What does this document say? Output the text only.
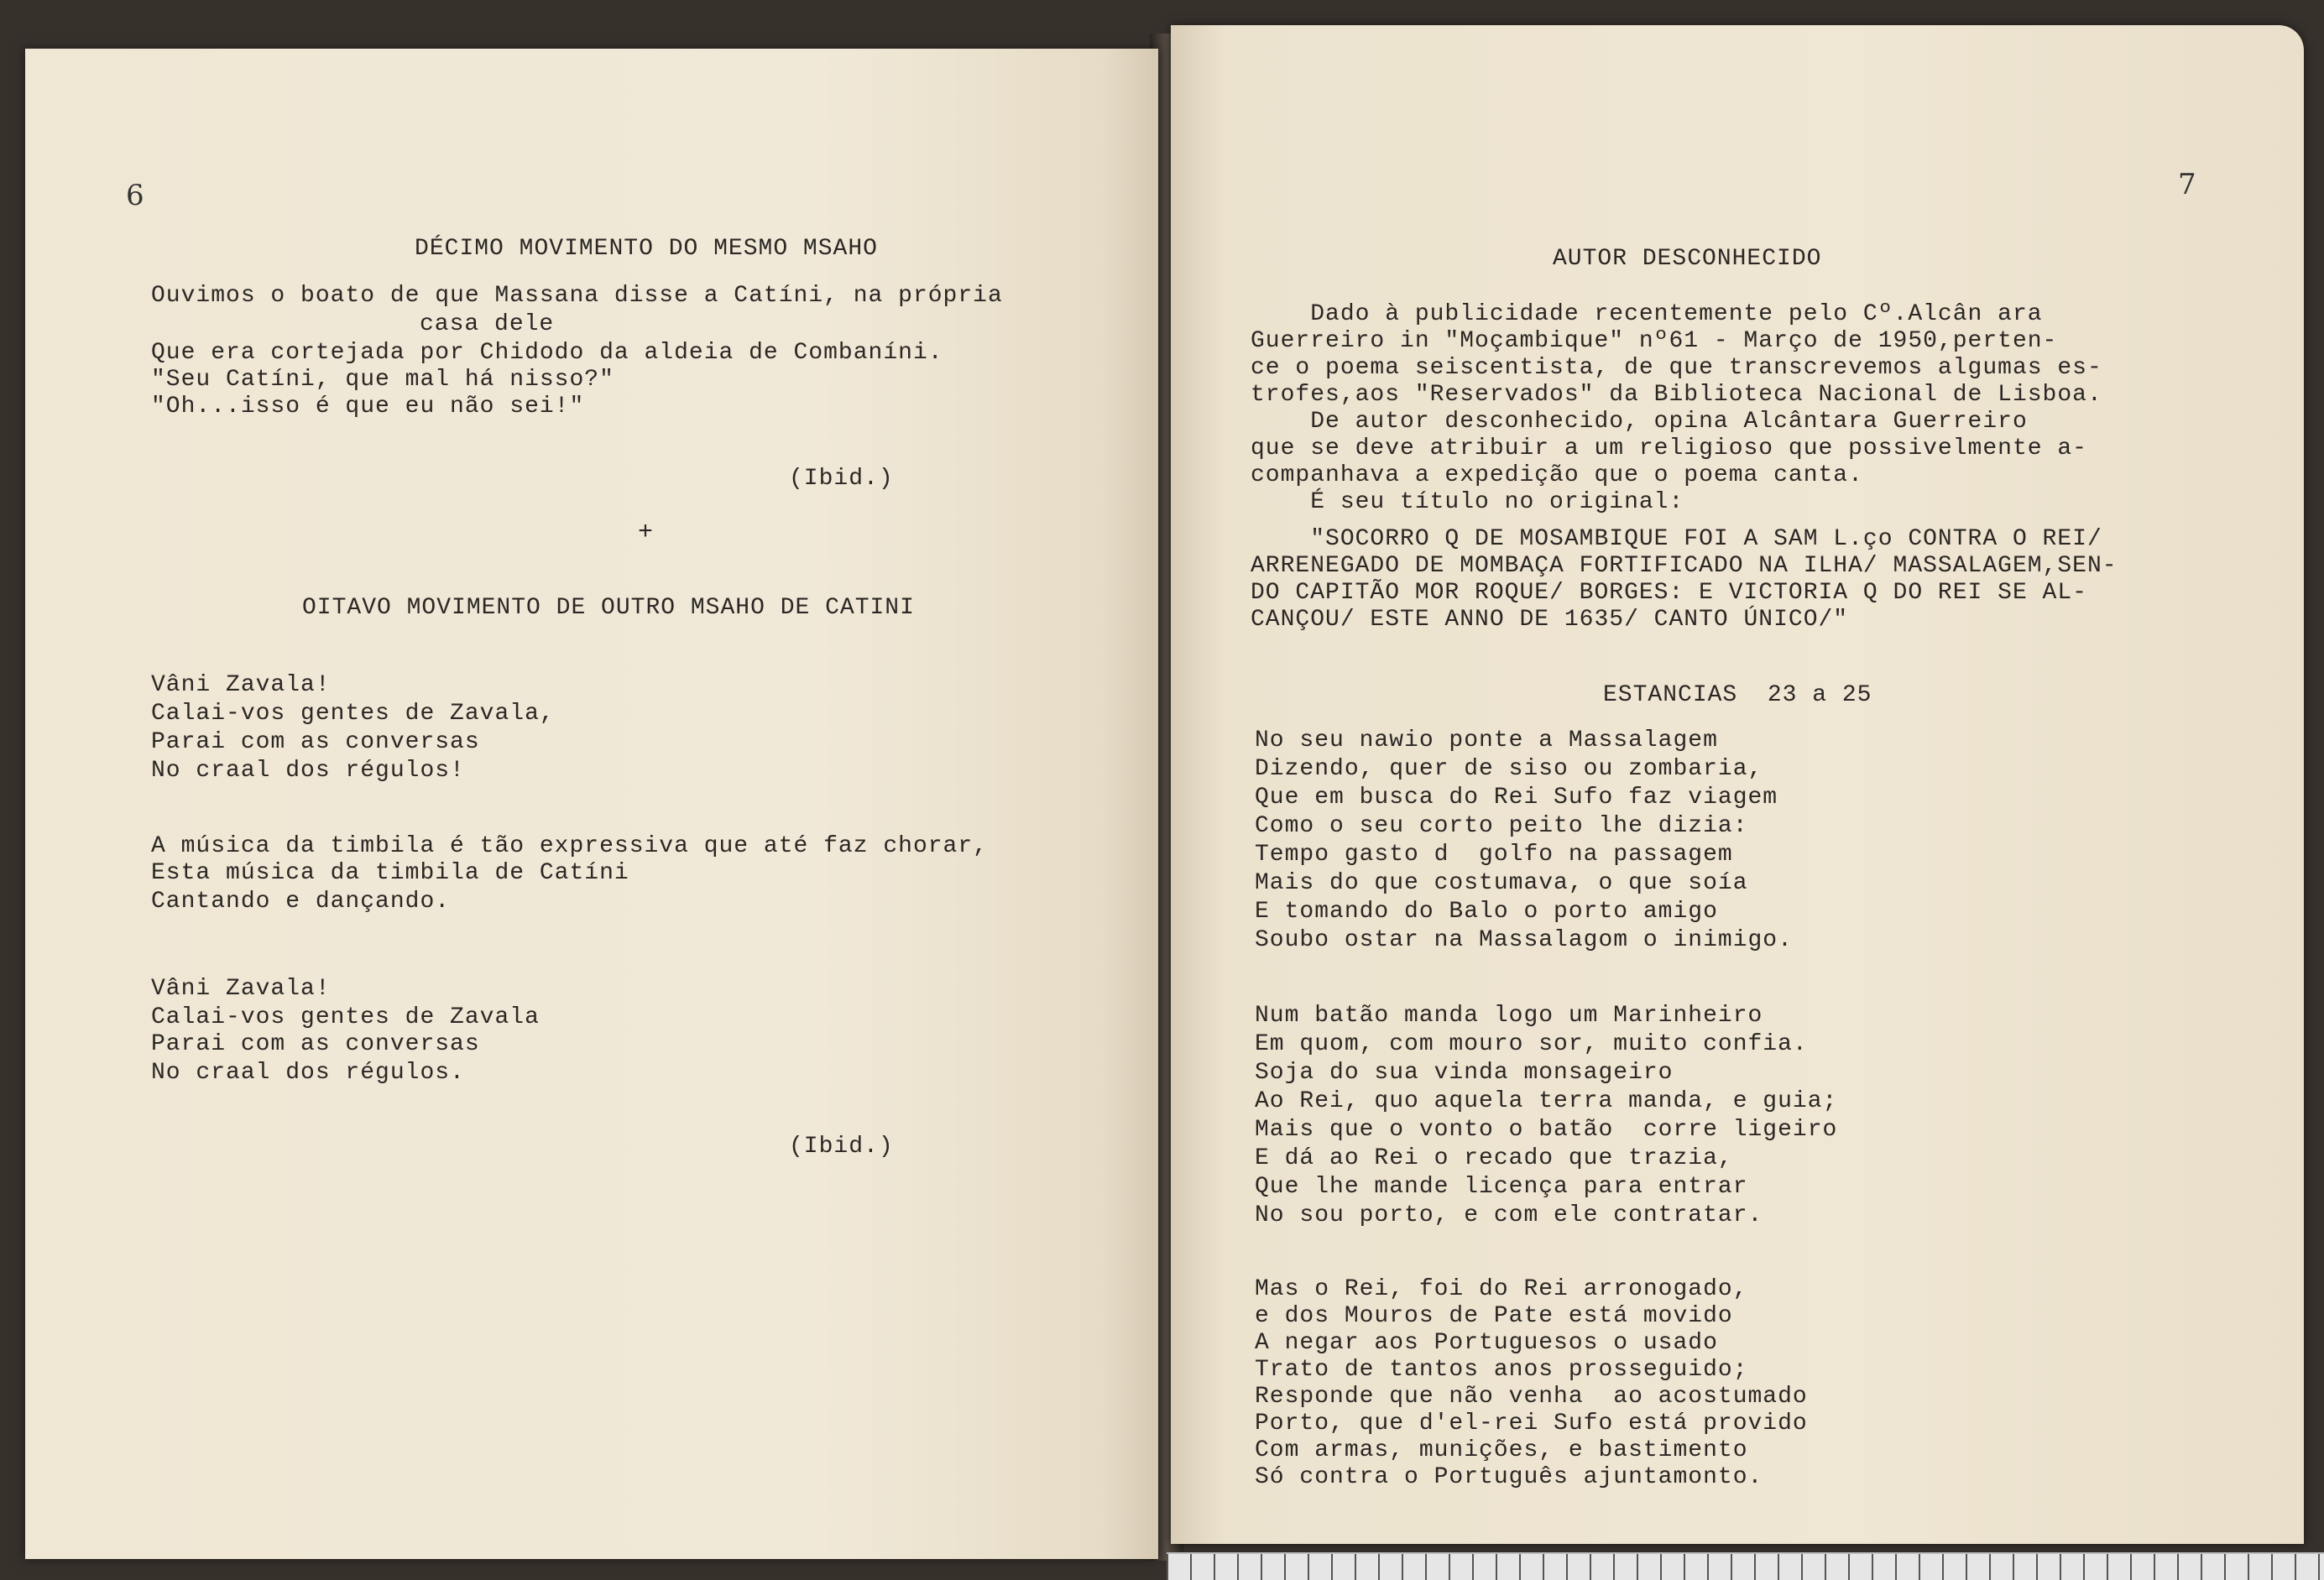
6
DÉCIMO MOVIMENTO DO MESMO MSAHO
Ouvimos o boato de que Massana disse a Catíni, na própria
casa dele
Que era cortejada por Chidodo da aldeia de Combaníni.
"Seu Catíni, que mal há nisso?"
"Oh...isso é que eu não sei!"
(Ibid.)
+
OITAVO MOVIMENTO DE OUTRO MSAHO DE CATINI
Vâni Zavala!
Calai-vos gentes de Zavala,
Parai com as conversas
No craal dos régulos!
A música da timbila é tão expressiva que até faz chorar,
Esta música da timbila de Catíni
Cantando e dançando.
Vâni Zavala!
Calai-vos gentes de Zavala
Parai com as conversas
No craal dos régulos.
(Ibid.)
7
AUTOR DESCONHECIDO
Dado à publicidade recentemente pelo Cº.Alcân ara
Guerreiro in "Moçambique" nº61 - Março de 1950,perten-
ce o poema seiscentista, de que transcrevemos algumas es-
trofes,aos "Reservados" da Biblioteca Nacional de Lisboa.
De autor desconhecido, opina Alcântara Guerreiro
que se deve atribuir a um religioso que possivelmente a-
companhava a expedição que o poema canta.
É seu título no original:
"SOCORRO Q DE MOSAMBIQUE FOI A SAM L.ço CONTRA O REI/
ARRENEGADO DE MOMBAÇA FORTIFICADO NA ILHA/ MASSALAGEM,SEN-
DO CAPITÃO MOR ROQUE/ BORGES: E VICTORIA Q DO REI SE AL-
CANÇOU/ ESTE ANNO DE 1635/ CANTO ÚNICO/"
ESTANCIAS  23 a 25
No seu nawio ponte a Massalagem
Dizendo, quer de siso ou zombaria,
Que em busca do Rei Sufo faz viagem
Como o seu corto peito lhe dizia:
Tempo gasto d  golfo na passagem
Mais do que costumava, o que soía
E tomando do Balo o porto amigo
Soubo ostar na Massalagom o inimigo.
Num batão manda logo um Marinheiro
Em quom, com mouro sor, muito confia.
Soja do sua vinda monsageiro
Ao Rei, quo aquela terra manda, e guia;
Mais que o vonto o batão  corre ligeiro
E dá ao Rei o recado que trazia,
Que lhe mande licença para entrar
No sou porto, e com ele contratar.
Mas o Rei, foi do Rei arronogado,
e dos Mouros de Pate está movido
A negar aos Portuguesos o usado
Trato de tantos anos prosseguido;
Responde que não venha  ao acostumado
Porto, que d'el-rei Sufo está provido
Com armas, munições, e bastimento
Só contra o Português ajuntamonto.
